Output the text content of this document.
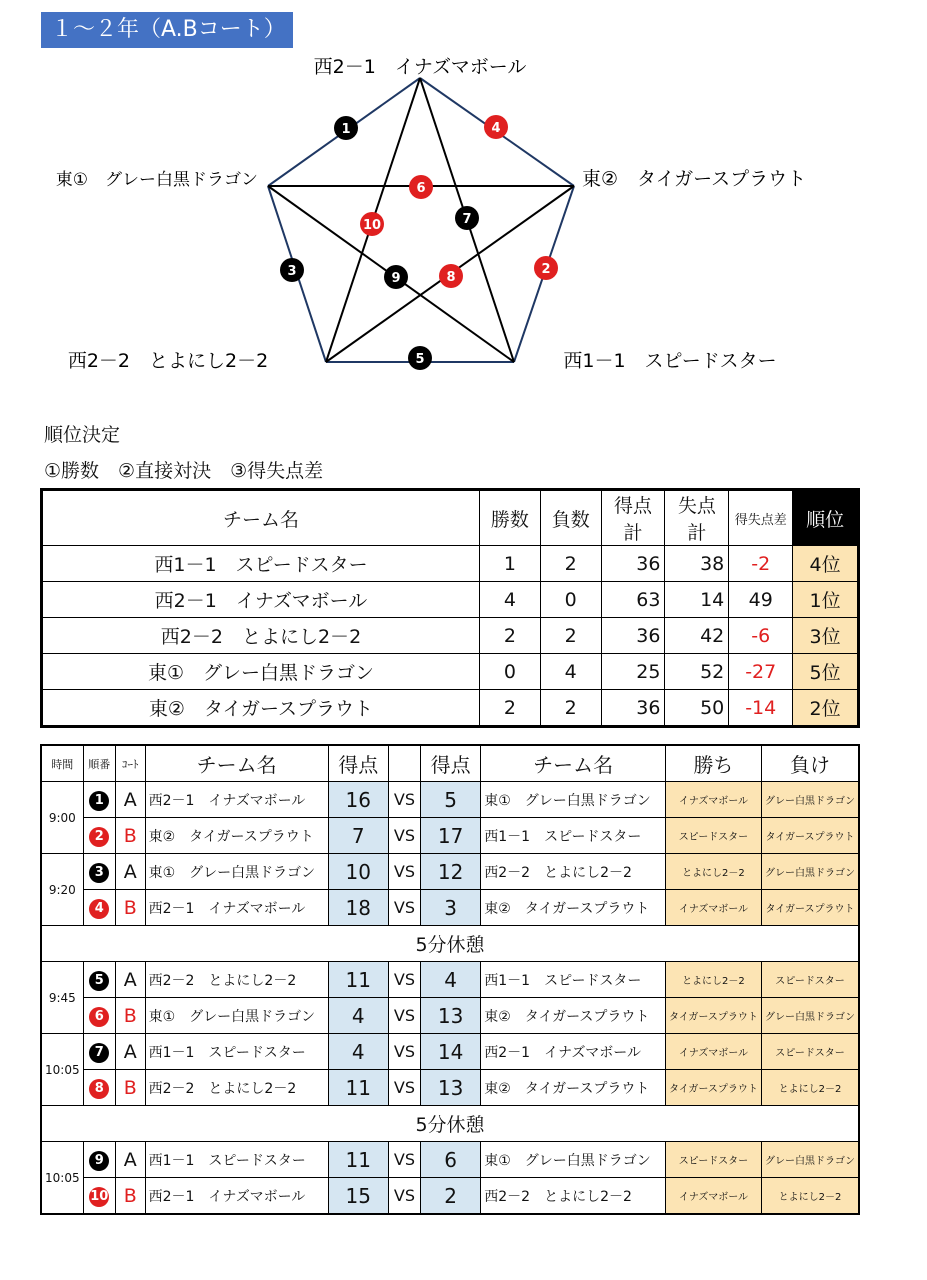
１～２年（A.Bコート）
1
2
3
4
5
6
7
8
9
10
西2－1　イナズマボール
東①　グレー白黒ドラゴン	東②　タイガースプラウト
西2－2　とよにし2－2	西1－1　スピードスター
順位決定
①勝数　②直接対決　③得失点差
チーム名	勝数	負数	得点計	失点計	得失点差	順位
西1－1　スピードスター	1	2	36	38	-2	4位
西2－1　イナズマボール	4	0	63	14	49	1位
西2－2　とよにし2－2	2	2	36	42	-6	3位
東①　グレー白黒ドラゴン	0	4	25	52	-27	5位
東②　タイガースプラウト	2	2	36	50	-14	2位
時間	順番	ｺｰﾄ	チーム名	得点		得点	チーム名	勝ち	負け
9:00	1	A	西2－1　イナズマボール	16	VS	5	東①　グレー白黒ドラゴン	イナズマボール	グレー白黒ドラゴン
	2	B	東②　タイガースプラウト	7	VS	17	西1－1　スピードスター	スピードスター	タイガースプラウト
9:20	3	A	東①　グレー白黒ドラゴン	10	VS	12	西2－2　とよにし2－2	とよにし2－2	グレー白黒ドラゴン
	4	B	西2－1　イナズマボール	18	VS	3	東②　タイガースプラウト	イナズマボール	タイガースプラウト
5分休憩									
9:45	5	A	西2－2　とよにし2－2	11	VS	4	西1－1　スピードスター	とよにし2－2	スピードスター
	6	B	東①　グレー白黒ドラゴン	4	VS	13	東②　タイガースプラウト	タイガースプラウト	グレー白黒ドラゴン
10:05	7	A	西1－1　スピードスター	4	VS	14	西2－1　イナズマボール	イナズマボール	スピードスター
	8	B	西2－2　とよにし2－2	11	VS	13	東②　タイガースプラウト	タイガースプラウト	とよにし2－2
5分休憩									
10:05	9	A	西1－1　スピードスター	11	VS	6	東①　グレー白黒ドラゴン	スピードスター	グレー白黒ドラゴン
	10	B	西2－1　イナズマボール	15	VS	2	西2－2　とよにし2－2	イナズマボール	とよにし2－2
